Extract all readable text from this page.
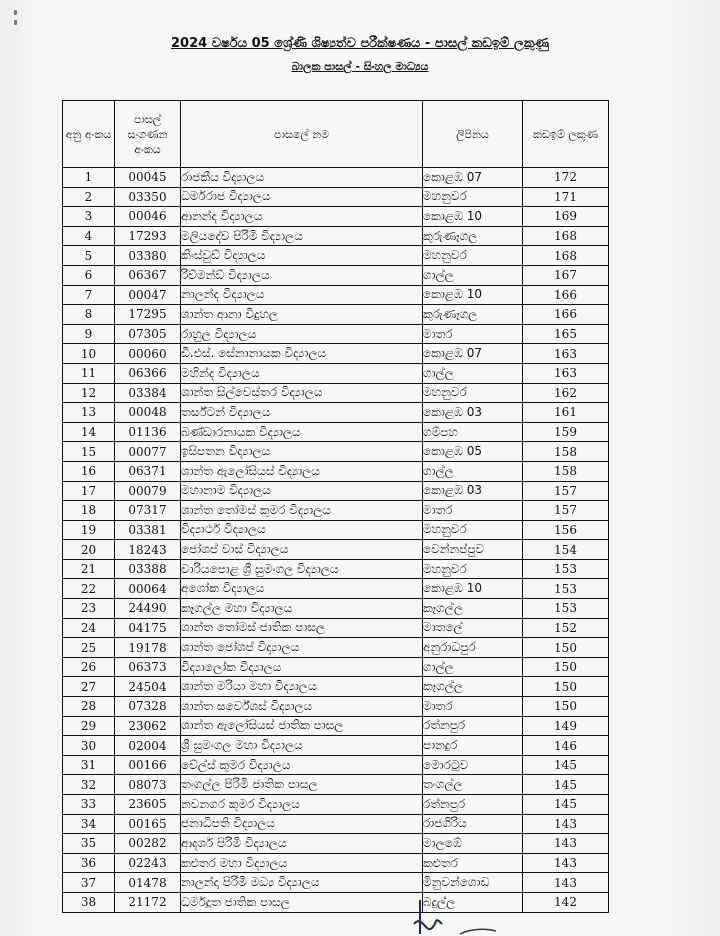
2024 වර්ෂය 05 ශ්‍රේණි ශිෂ්‍යත්ව පරීක්ෂණය - පාසල් කඩඉම් ලකුණු
බාලක පාසල් - සිංහල මාධ්‍යය
අනු අංකය	පාසල් සංගණන අංකය	පාසලේ නම	ලිපිනය	කඩඉම් ලකුණ
1	00045	රාජකීය විද්‍යාලය	කොළඹ 07	172
2	03350	ධර්මරාජ විද්‍යාලය	මහනුවර	171
3	00046	ආනන්ද විද්‍යාලය	කොළඹ 10	169
4	17293	මලියදේව පිරිමි විද්‍යාලය	කුරුණෑගල	168
5	03380	කිංස්වුඩ් විද්‍යාලය	මහනුවර	168
6	06367	රිච්මන්ඩ් විද්‍යාලය	ගාල්ල	167
7	00047	නාලන්ද විද්‍යාලය	කොළඹ 10	166
8	17295	ශාන්ත ආනා විදුහල	කුරුණෑගල	166
9	07305	රාහුල විද්‍යාලය	මාතර	165
10	00060	ඩී.එස්. සේනානායක විද්‍යාලය	කොළඹ 07	163
11	06366	මහින්ද විද්‍යාලය	ගාල්ල	163
12	03384	ශාන්ත සිල්වෙස්තර විද්‍යාලය	මහනුවර	162
13	00048	තර්ස්ටන් විද්‍යාලය	කොළඹ 03	161
14	01136	බණ්ඩාරනායක විද්‍යාලය	ගම්පහ	159
15	00077	ඉසිපතන විද්‍යාලය	කොළඹ 05	158
16	06371	ශාන්ත ඇලෝසියස් විද්‍යාලය	ගාල්ල	158
17	00079	මහානාම විද්‍යාලය	කොළඹ 03	157
18	07317	ශාන්ත තෝමස් කුමර විද්‍යාලය	මාතර	157
19	03381	විද්‍යාර්ථ විද්‍යාලය	මහනුවර	156
20	18243	ජෝශප් වාස් විද්‍යාලය	වෙන්නප්පුව	154
21	03388	වාරියපොළ ශ්‍රී සුමංගල විද්‍යාලය	මහනුවර	153
22	00064	අශෝක විද්‍යාලය	කොළඹ 10	153
23	24490	කෑගල්ල මහා විද්‍යාලය	කෑගල්ල	153
24	04175	ශාන්ත තෝමස් ජාතික පාසල	මාතලේ	152
25	19178	ශාන්ත ජෝශප් විද්‍යාලය	අනුරාධපුර	150
26	06373	විද්‍යාලෝක විද්‍යාලය	ගාල්ල	150
27	24504	ශාන්ත මරියා මහා විද්‍යාලය	කෑගල්ල	150
28	07328	ශාන්ත සර්වේශස් විද්‍යාලය	මාතර	150
29	23062	ශාන්ත ඇලෝසියස් ජාතික පාසල	රත්නපුර	149
30	02004	ශ්‍රී සුමංගල මහා විද්‍යාලය	පානදුර	146
31	00166	වේල්ස් කුමර විද්‍යාලය	මොරටුව	145
32	08073	තංගල්ල පිරිමි ජාතික පාසල	තංගල්ල	145
33	23605	නවනගර කුමර විද්‍යාලය	රත්නපුර	145
34	00165	ජනාධිපති විද්‍යාලය	රාජගිරිය	143
35	00282	ආදර්ශ පිරිමි විද්‍යාලය	මාලඹේ	143
36	02243	කළුතර මහා විද්‍යාලය	කළුතර	143
37	01478	නාලන්දා පිරිමි මධ්‍ය විද්‍යාලය	මිනුවන්ගොඩ	143
38	21172	ධර්මදූත ජාතික පාසල	බදුල්ල	142
